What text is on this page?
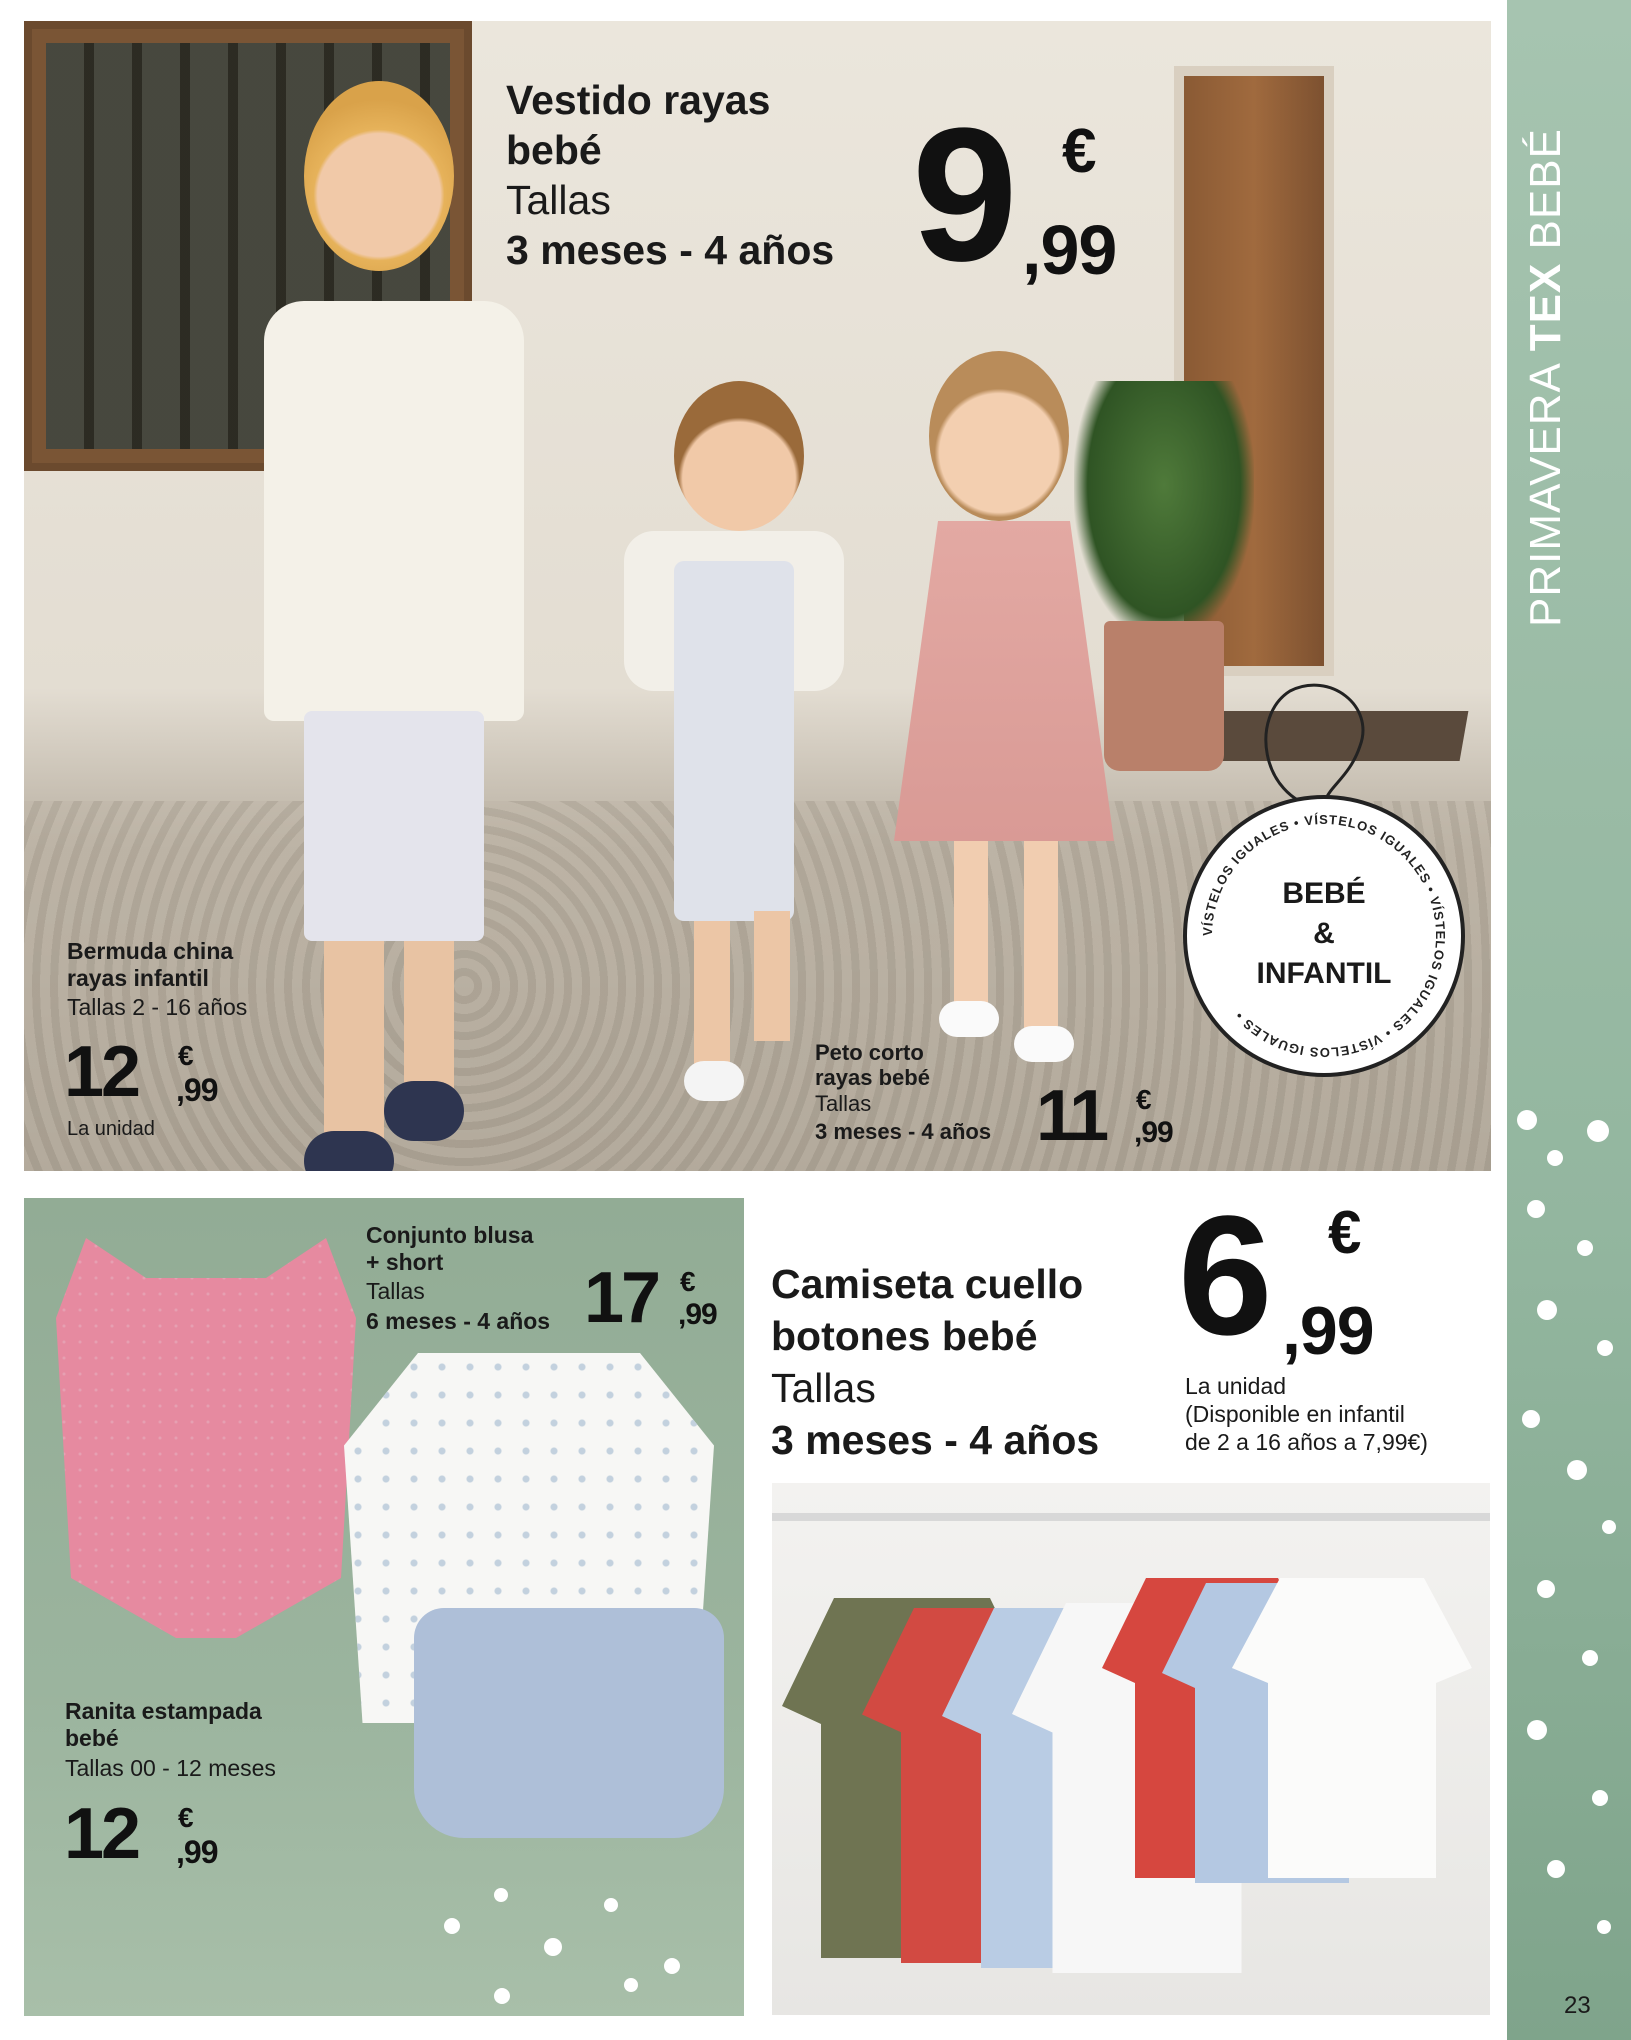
Vestido rayas
bebé
Tallas
3 meses - 4 años 9 €
,99
Bermuda china
rayas infantil
Tallas 2 - 16 años
12 €
,99
La unidad
Peto corto
rayas bebé
Tallas
3 meses - 4 años 11 €
,99
VÍSTELOS IGUALES • VÍSTELOS IGUALES • VÍSTELOS IGUALES • VÍSTELOS IGUALES •
BEBÉ
&
INFANTIL
Conjunto blusa
+ short
Tallas
6 meses - 4 años 17 €
,99
Ranita estampada
bebé
Tallas 00 - 12 meses
12 €
,99
Camiseta cuello
botones bebé
Tallas
3 meses - 4 años
6 €
,99
La unidad
(Disponible en infantil
de 2 a 16 años a 7,99€)
PRIMAVERA TEX BEBÉ
23
